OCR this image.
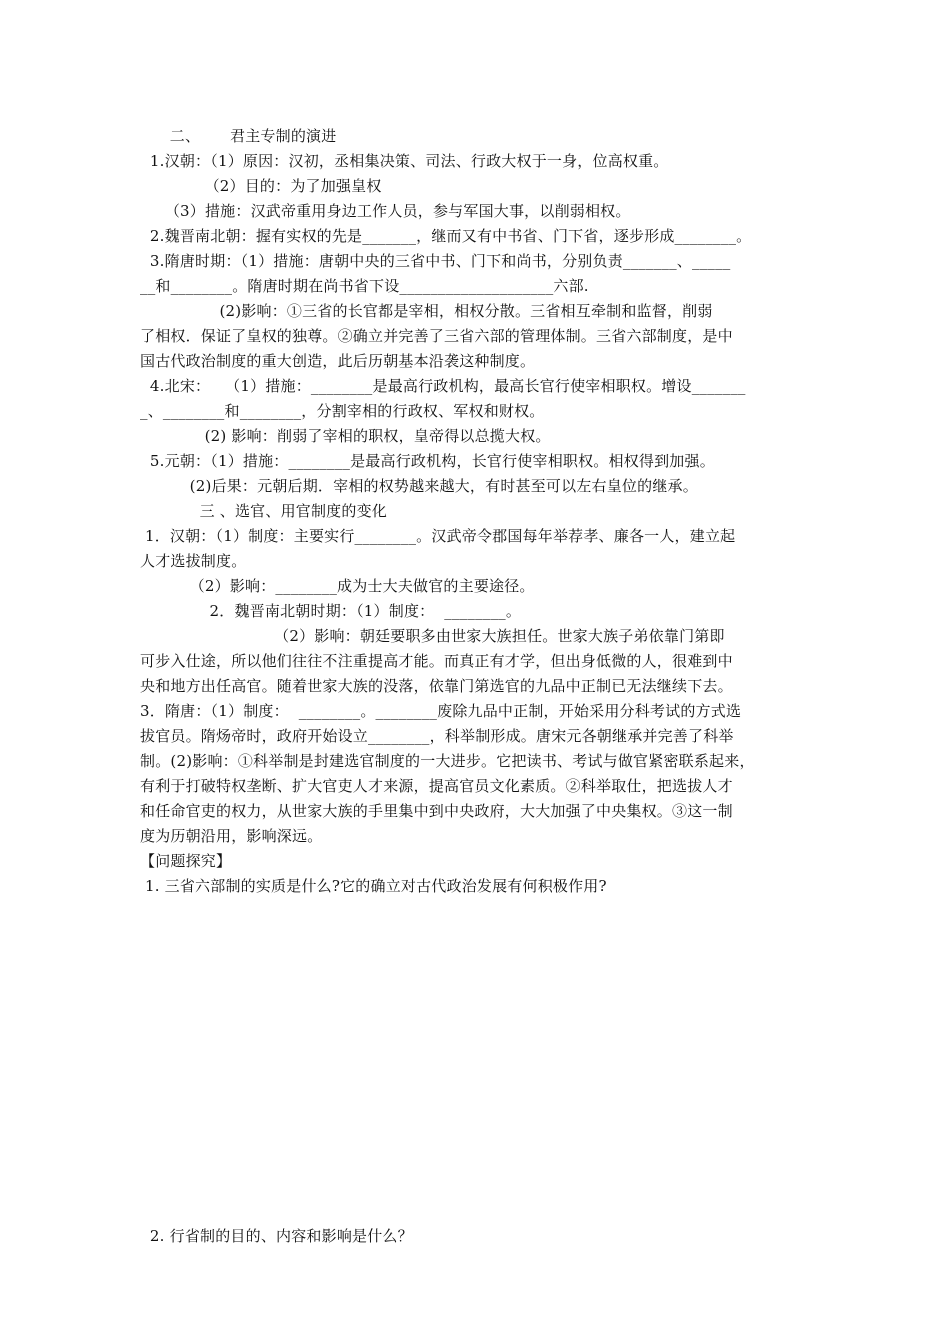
二、      君主专制的演进
1.汉朝：（1）原因：汉初，丞相集决策、司法、行政大权于一身，位高权重。
（2）目的：为了加强皇权
（3）措施：汉武帝重用身边工作人员，参与军国大事，以削弱相权。
2.魏晋南北朝：握有实权的先是_______，继而又有中书省、门下省，逐步形成________。
3.隋唐时期：（1）措施：唐朝中央的三省中书、门下和尚书，分别负责_______、_____
__和________。隋唐时期在尚书省下设____________________六部.
(2)影响：①三省的长官都是宰相，相权分散。三省相互牵制和监督，削弱
了相权．保证了皇权的独尊。②确立并完善了三省六部的管理体制。三省六部制度，是中
国古代政治制度的重大创造，此后历朝基本沿袭这种制度。
4.北宋：   （1）措施：________是最高行政机构，最高长官行使宰相职权。增设_______
_、________和________，分割宰相的行政权、军权和财权。
(2) 影响：削弱了宰相的职权，皇帝得以总揽大权。
5.元朝：（1）措施：________是最高行政机构，长官行使宰相职权。相权得到加强。
(2)后果：元朝后期．宰相的权势越来越大，有时甚至可以左右皇位的继承。
三 、选官、用官制度的变化
1．汉朝：（1）制度：主要实行________。汉武帝令郡国每年举荐孝、廉各一人，建立起
人才选拔制度。
（2）影响：________成为士大夫做官的主要途径。
2．魏晋南北朝时期：（1）制度：  ________。
（2）影响：朝廷要职多由世家大族担任。世家大族子弟依靠门第即
可步入仕途，所以他们往往不注重提高才能。而真正有才学，但出身低微的人，很难到中
央和地方出任高官。随着世家大族的没落，依靠门第选官的九品中正制已无法继续下去。
3．隋唐：（1）制度：  ________。________废除九品中正制，开始采用分科考试的方式选
拔官员。隋炀帝时，政府开始设立________，科举制形成。唐宋元各朝继承并完善了科举
制。(2)影响：①科举制是封建选官制度的一大进步。它把读书、考试与做官紧密联系起来，
有利于打破特权垄断、扩大官吏人才来源，提高官员文化素质。②科举取仕，把选拔人才
和任命官吏的权力，从世家大族的手里集中到中央政府，大大加强了中央集权。③这一制
度为历朝沿用，影响深远。
【问题探究】
1. 三省六部制的实质是什么?它的确立对古代政治发展有何积极作用?
2. 行省制的目的、内容和影响是什么？
